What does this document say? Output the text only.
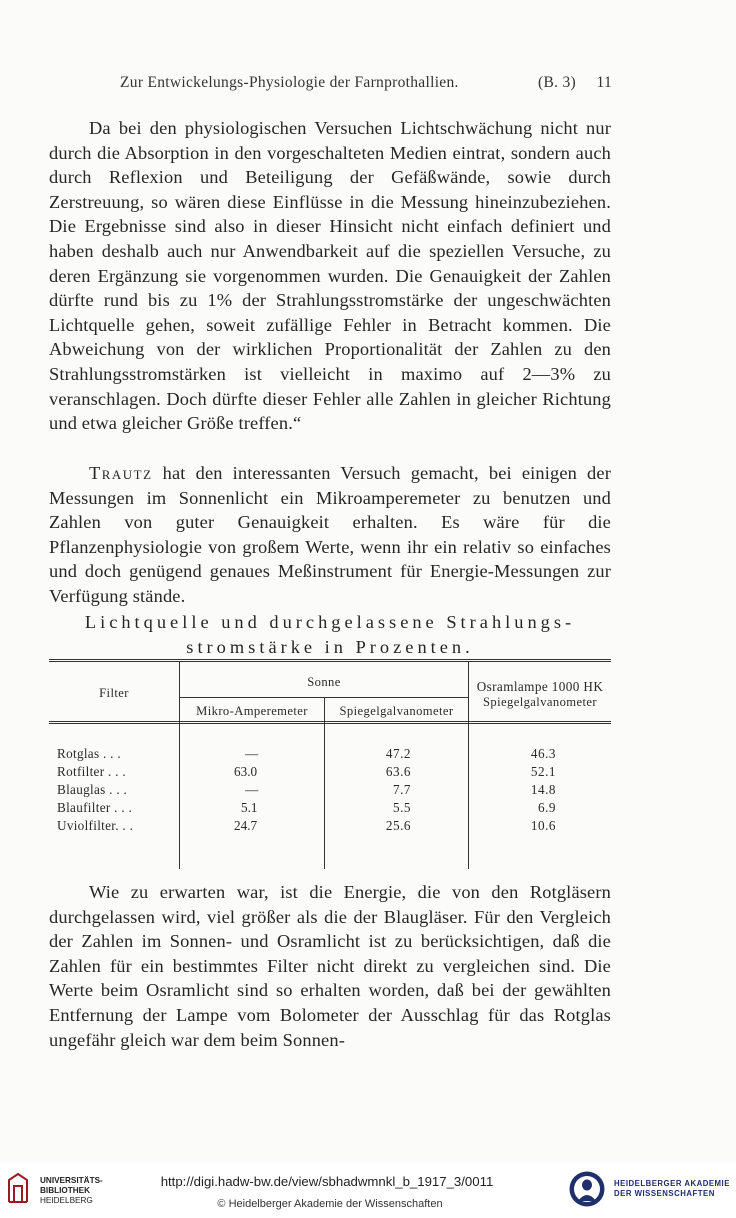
Zur Entwickelungs-Physiologie der Farnprothallien.	(B. 3) 11

Da bei den physiologischen Versuchen Lichtschwächung nicht nur durch die Absorption in den vorgeschalteten Medien eintrat, sondern auch durch Reflexion und Beteiligung der Gefäßwände, sowie durch Zerstreuung, so wären diese Einflüsse in die Messung hineinzubeziehen. Die Ergebnisse sind also in dieser Hinsicht nicht einfach definiert und haben deshalb auch nur Anwendbarkeit auf die speziellen Versuche, zu deren Ergänzung sie vorgenommen wurden. Die Genauigkeit der Zahlen dürfte rund bis zu 1% der Strahlungsstromstärke der ungeschwächten Lichtquelle gehen, soweit zufällige Fehler in Betracht kommen. Die Abweichung von der wirklichen Proportionalität der Zahlen zu den Strahlungsstromstärken ist vielleicht in maximo auf 2—3% zu veranschlagen. Doch dürfte dieser Fehler alle Zahlen in gleicher Richtung und etwa gleicher Größe treffen.“

Trautz hat den interessanten Versuch gemacht, bei einigen der Messungen im Sonnenlicht ein Mikroamperemeter zu benutzen und Zahlen von guter Genauigkeit erhalten. Es wäre für die Pflanzenphysiologie von großem Werte, wenn ihr ein relativ so einfaches und doch genügend genaues Meßinstrument für Energie-Messungen zur Verfügung stände.

Lichtquelle und durchgelassene Strahlungs-
stromstärke in Prozenten.
Filter
Sonne
Mikro-Amperemeter	Spiegelgalvanometer
Osramlampe 1000 HK
Spiegelgalvanometer
Rotglas . . .	—	47.2	46.3
Rotfilter . . .	63.0	63.6	52.1
Blauglas . . .	—	7.7	14.8
Blaufilter . . .	5.1	5.5	6.9
Uviolfilter. . .	24.7	25.6	10.6

Wie zu erwarten war, ist die Energie, die von den Rotgläsern durchgelassen wird, viel größer als die der Blaugläser. Für den Vergleich der Zahlen im Sonnen- und Osramlicht ist zu berücksichtigen, daß die Zahlen für ein bestimmtes Filter nicht direkt zu vergleichen sind. Die Werte beim Osramlicht sind so erhalten worden, daß bei der gewählten Entfernung der Lampe vom Bolometer der Ausschlag für das Rotglas ungefähr gleich war dem beim Sonnen-

UNIVERSITÄTS-
BIBLIOTHEK
HEIDELBERG
http://digi.hadw-bw.de/view/sbhadwmnkl_b_1917_3/0011
© Heidelberger Akademie der Wissenschaften
HEIDELBERGER AKADEMIE
DER WISSENSCHAFTEN
